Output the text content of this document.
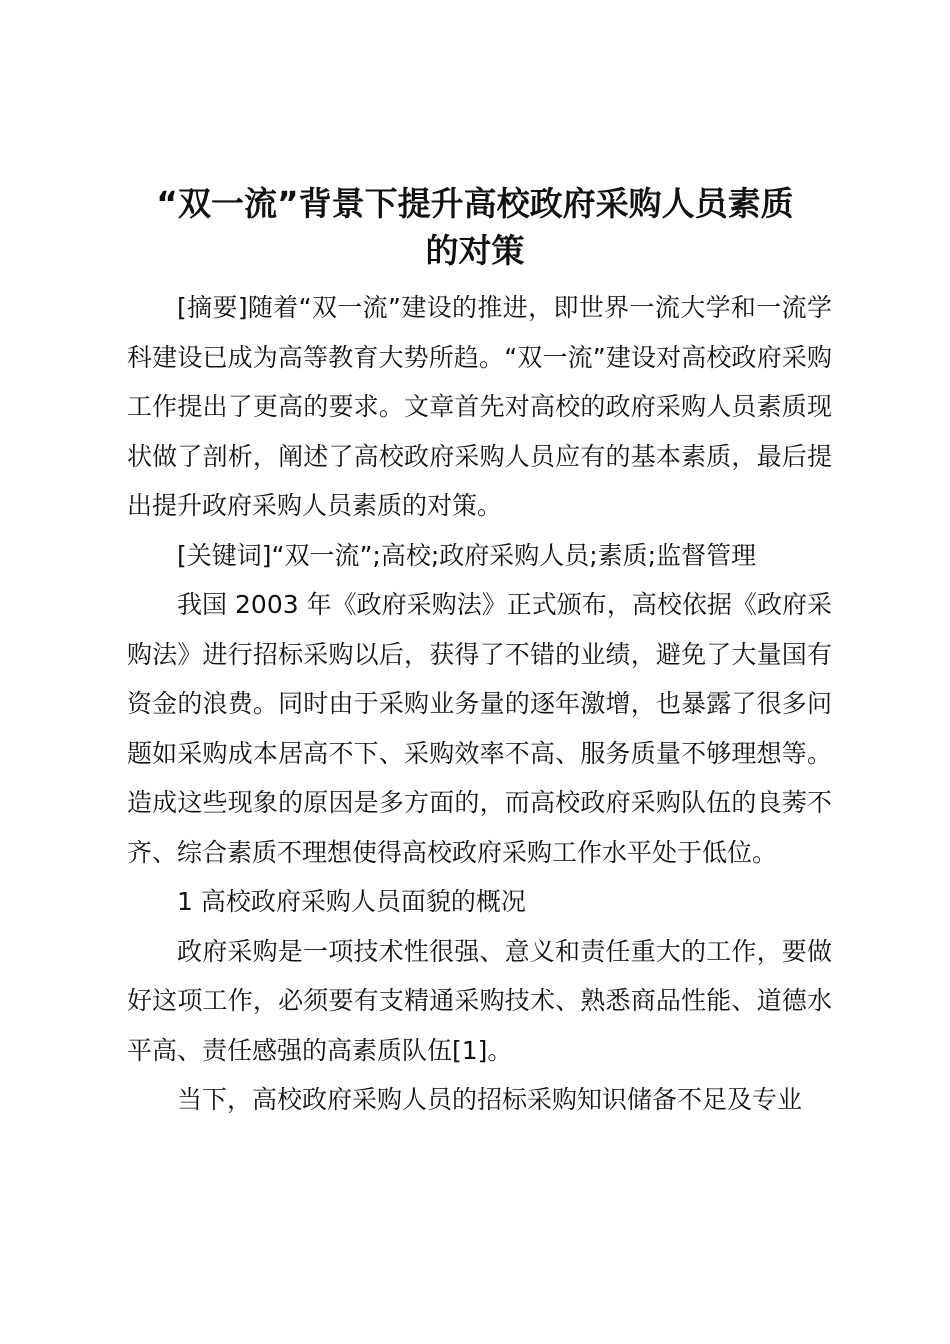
“双一流”背景下提升高校政府采购人员素质
的对策

[摘要]随着“双一流”建设的推进，即世界一流大学和一流学科建设已成为高等教育大势所趋。“双一流”建设对高校政府采购工作提出了更高的要求。文章首先对高校的政府采购人员素质现状做了剖析，阐述了高校政府采购人员应有的基本素质，最后提出提升政府采购人员素质的对策。

[关键词]“双一流”;高校;政府采购人员;素质;监督管理

我国 2003 年《政府采购法》正式颁布，高校依据《政府采购法》进行招标采购以后，获得了不错的业绩，避免了大量国有资金的浪费。同时由于采购业务量的逐年激增，也暴露了很多问题如采购成本居高不下、采购效率不高、服务质量不够理想等。造成这些现象的原因是多方面的，而高校政府采购队伍的良莠不齐、综合素质不理想使得高校政府采购工作水平处于低位。

1 高校政府采购人员面貌的概况

政府采购是一项技术性很强、意义和责任重大的工作，要做好这项工作，必须要有支精通采购技术、熟悉商品性能、道德水平高、责任感强的高素质队伍[1]。

当下，高校政府采购人员的招标采购知识储备不足及专业
